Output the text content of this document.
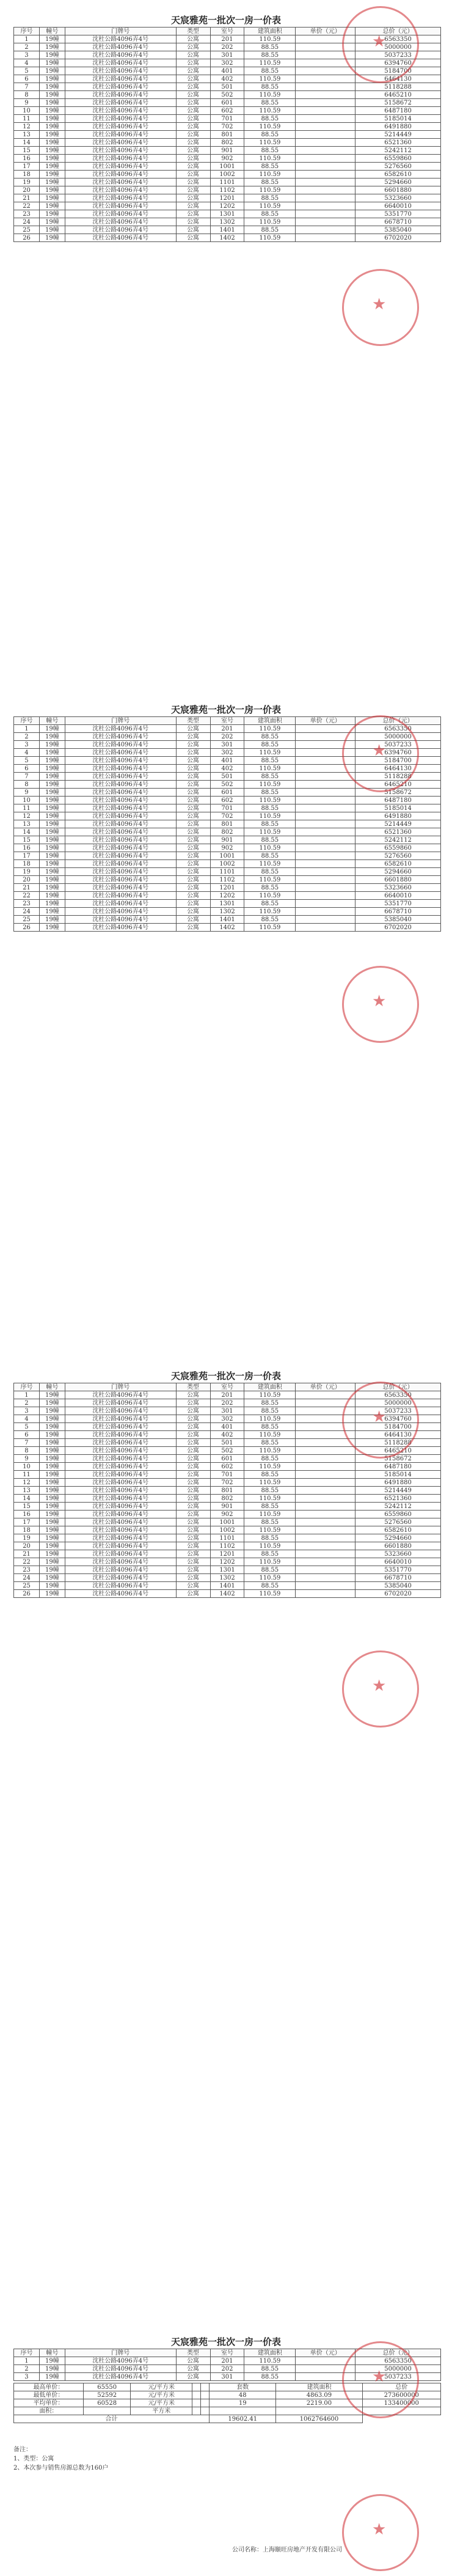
天宸雅苑一批次一房一价表
序号	幢号	门牌号	类型	室号	建筑面积	单价（元）	总价（元）
1	19幢	沈杜公路4096弄4号	公寓	201	110.59		6563350
2	19幢	沈杜公路4096弄4号	公寓	202	88.55		5000000
3	19幢	沈杜公路4096弄4号	公寓	301	88.55		5037233
4	19幢	沈杜公路4096弄4号	公寓	302	110.59		6394760
5	19幢	沈杜公路4096弄4号	公寓	401	88.55		5184700
6	19幢	沈杜公路4096弄4号	公寓	402	110.59		6464130
7	19幢	沈杜公路4096弄4号	公寓	501	88.55		5118288
8	19幢	沈杜公路4096弄4号	公寓	502	110.59		6465210
9	19幢	沈杜公路4096弄4号	公寓	601	88.55		5158672
10	19幢	沈杜公路4096弄4号	公寓	602	110.59		6487180
11	19幢	沈杜公路4096弄4号	公寓	701	88.55		5185014
12	19幢	沈杜公路4096弄4号	公寓	702	110.59		6491880
13	19幢	沈杜公路4096弄4号	公寓	801	88.55		5214449
14	19幢	沈杜公路4096弄4号	公寓	802	110.59		6521360
15	19幢	沈杜公路4096弄4号	公寓	901	88.55		5242112
16	19幢	沈杜公路4096弄4号	公寓	902	110.59		6559860
17	19幢	沈杜公路4096弄4号	公寓	1001	88.55		5276560
18	19幢	沈杜公路4096弄4号	公寓	1002	110.59		6582610
19	19幢	沈杜公路4096弄4号	公寓	1101	88.55		5294660
20	19幢	沈杜公路4096弄4号	公寓	1102	110.59		6601880
21	19幢	沈杜公路4096弄4号	公寓	1201	88.55		5323660
22	19幢	沈杜公路4096弄4号	公寓	1202	110.59		6640010
23	19幢	沈杜公路4096弄4号	公寓	1301	88.55		5351770
24	19幢	沈杜公路4096弄4号	公寓	1302	110.59		6678710
25	19幢	沈杜公路4096弄4号	公寓	1401	88.55		5385040
26	19幢	沈杜公路4096弄4号	公寓	1402	110.59		6702020
天宸雅苑一批次一房一价表
序号	幢号	门牌号	类型	室号	建筑面积	单价（元）	总价（元）
1	19幢	沈杜公路4096弄4号	公寓	201	110.59		6563350
2	19幢	沈杜公路4096弄4号	公寓	202	88.55		5000000
3	19幢	沈杜公路4096弄4号	公寓	301	88.55		5037233
4	19幢	沈杜公路4096弄4号	公寓	302	110.59		6394760
5	19幢	沈杜公路4096弄4号	公寓	401	88.55		5184700
6	19幢	沈杜公路4096弄4号	公寓	402	110.59		6464130
7	19幢	沈杜公路4096弄4号	公寓	501	88.55		5118288
8	19幢	沈杜公路4096弄4号	公寓	502	110.59		6465210
9	19幢	沈杜公路4096弄4号	公寓	601	88.55		5158672
10	19幢	沈杜公路4096弄4号	公寓	602	110.59		6487180
11	19幢	沈杜公路4096弄4号	公寓	701	88.55		5185014
12	19幢	沈杜公路4096弄4号	公寓	702	110.59		6491880
13	19幢	沈杜公路4096弄4号	公寓	801	88.55		5214449
14	19幢	沈杜公路4096弄4号	公寓	802	110.59		6521360
15	19幢	沈杜公路4096弄4号	公寓	901	88.55		5242112
16	19幢	沈杜公路4096弄4号	公寓	902	110.59		6559860
17	19幢	沈杜公路4096弄4号	公寓	1001	88.55		5276560
18	19幢	沈杜公路4096弄4号	公寓	1002	110.59		6582610
19	19幢	沈杜公路4096弄4号	公寓	1101	88.55		5294660
20	19幢	沈杜公路4096弄4号	公寓	1102	110.59		6601880
21	19幢	沈杜公路4096弄4号	公寓	1201	88.55		5323660
22	19幢	沈杜公路4096弄4号	公寓	1202	110.59		6640010
23	19幢	沈杜公路4096弄4号	公寓	1301	88.55		5351770
24	19幢	沈杜公路4096弄4号	公寓	1302	110.59		6678710
25	19幢	沈杜公路4096弄4号	公寓	1401	88.55		5385040
26	19幢	沈杜公路4096弄4号	公寓	1402	110.59		6702020
天宸雅苑一批次一房一价表
序号	幢号	门牌号	类型	室号	建筑面积	单价（元）	总价（元）
1	19幢	沈杜公路4096弄4号	公寓	201	110.59		6563350
2	19幢	沈杜公路4096弄4号	公寓	202	88.55		5000000
3	19幢	沈杜公路4096弄4号	公寓	301	88.55		5037233
4	19幢	沈杜公路4096弄4号	公寓	302	110.59		6394760
5	19幢	沈杜公路4096弄4号	公寓	401	88.55		5184700
6	19幢	沈杜公路4096弄4号	公寓	402	110.59		6464130
7	19幢	沈杜公路4096弄4号	公寓	501	88.55		5118288
8	19幢	沈杜公路4096弄4号	公寓	502	110.59		6465210
9	19幢	沈杜公路4096弄4号	公寓	601	88.55		5158672
10	19幢	沈杜公路4096弄4号	公寓	602	110.59		6487180
11	19幢	沈杜公路4096弄4号	公寓	701	88.55		5185014
12	19幢	沈杜公路4096弄4号	公寓	702	110.59		6491880
13	19幢	沈杜公路4096弄4号	公寓	801	88.55		5214449
14	19幢	沈杜公路4096弄4号	公寓	802	110.59		6521360
15	19幢	沈杜公路4096弄4号	公寓	901	88.55		5242112
16	19幢	沈杜公路4096弄4号	公寓	902	110.59		6559860
17	19幢	沈杜公路4096弄4号	公寓	1001	88.55		5276560
18	19幢	沈杜公路4096弄4号	公寓	1002	110.59		6582610
19	19幢	沈杜公路4096弄4号	公寓	1101	88.55		5294660
20	19幢	沈杜公路4096弄4号	公寓	1102	110.59		6601880
21	19幢	沈杜公路4096弄4号	公寓	1201	88.55		5323660
22	19幢	沈杜公路4096弄4号	公寓	1202	110.59		6640010
23	19幢	沈杜公路4096弄4号	公寓	1301	88.55		5351770
24	19幢	沈杜公路4096弄4号	公寓	1302	110.59		6678710
25	19幢	沈杜公路4096弄4号	公寓	1401	88.55		5385040
26	19幢	沈杜公路4096弄4号	公寓	1402	110.59		6702020
天宸雅苑一批次一房一价表
序号	幢号	门牌号	类型	室号	建筑面积	单价（元）	总价（元）
1	19幢	沈杜公路4096弄4号	公寓	201	110.59		6563350
2	19幢	沈杜公路4096弄4号	公寓	202	88.55		5000000
3	19幢	沈杜公路4096弄4号	公寓	301	88.55		5037233
最高单价：	65550	元/平方米			套数	建筑面积	总价
最低单价：	52592	元/平方米			48	4863.09	273600000
平均单价：	60528	元/平方米			19	2219.00	133400000
面积：		平方米					
合计					19602.41	1062764600	
备注：
1、类型：公寓
2、本次参与销售房源总数为160户
公司名称：上海颐旺房地产开发有限公司
★
★
★
★
★
★
★
★
